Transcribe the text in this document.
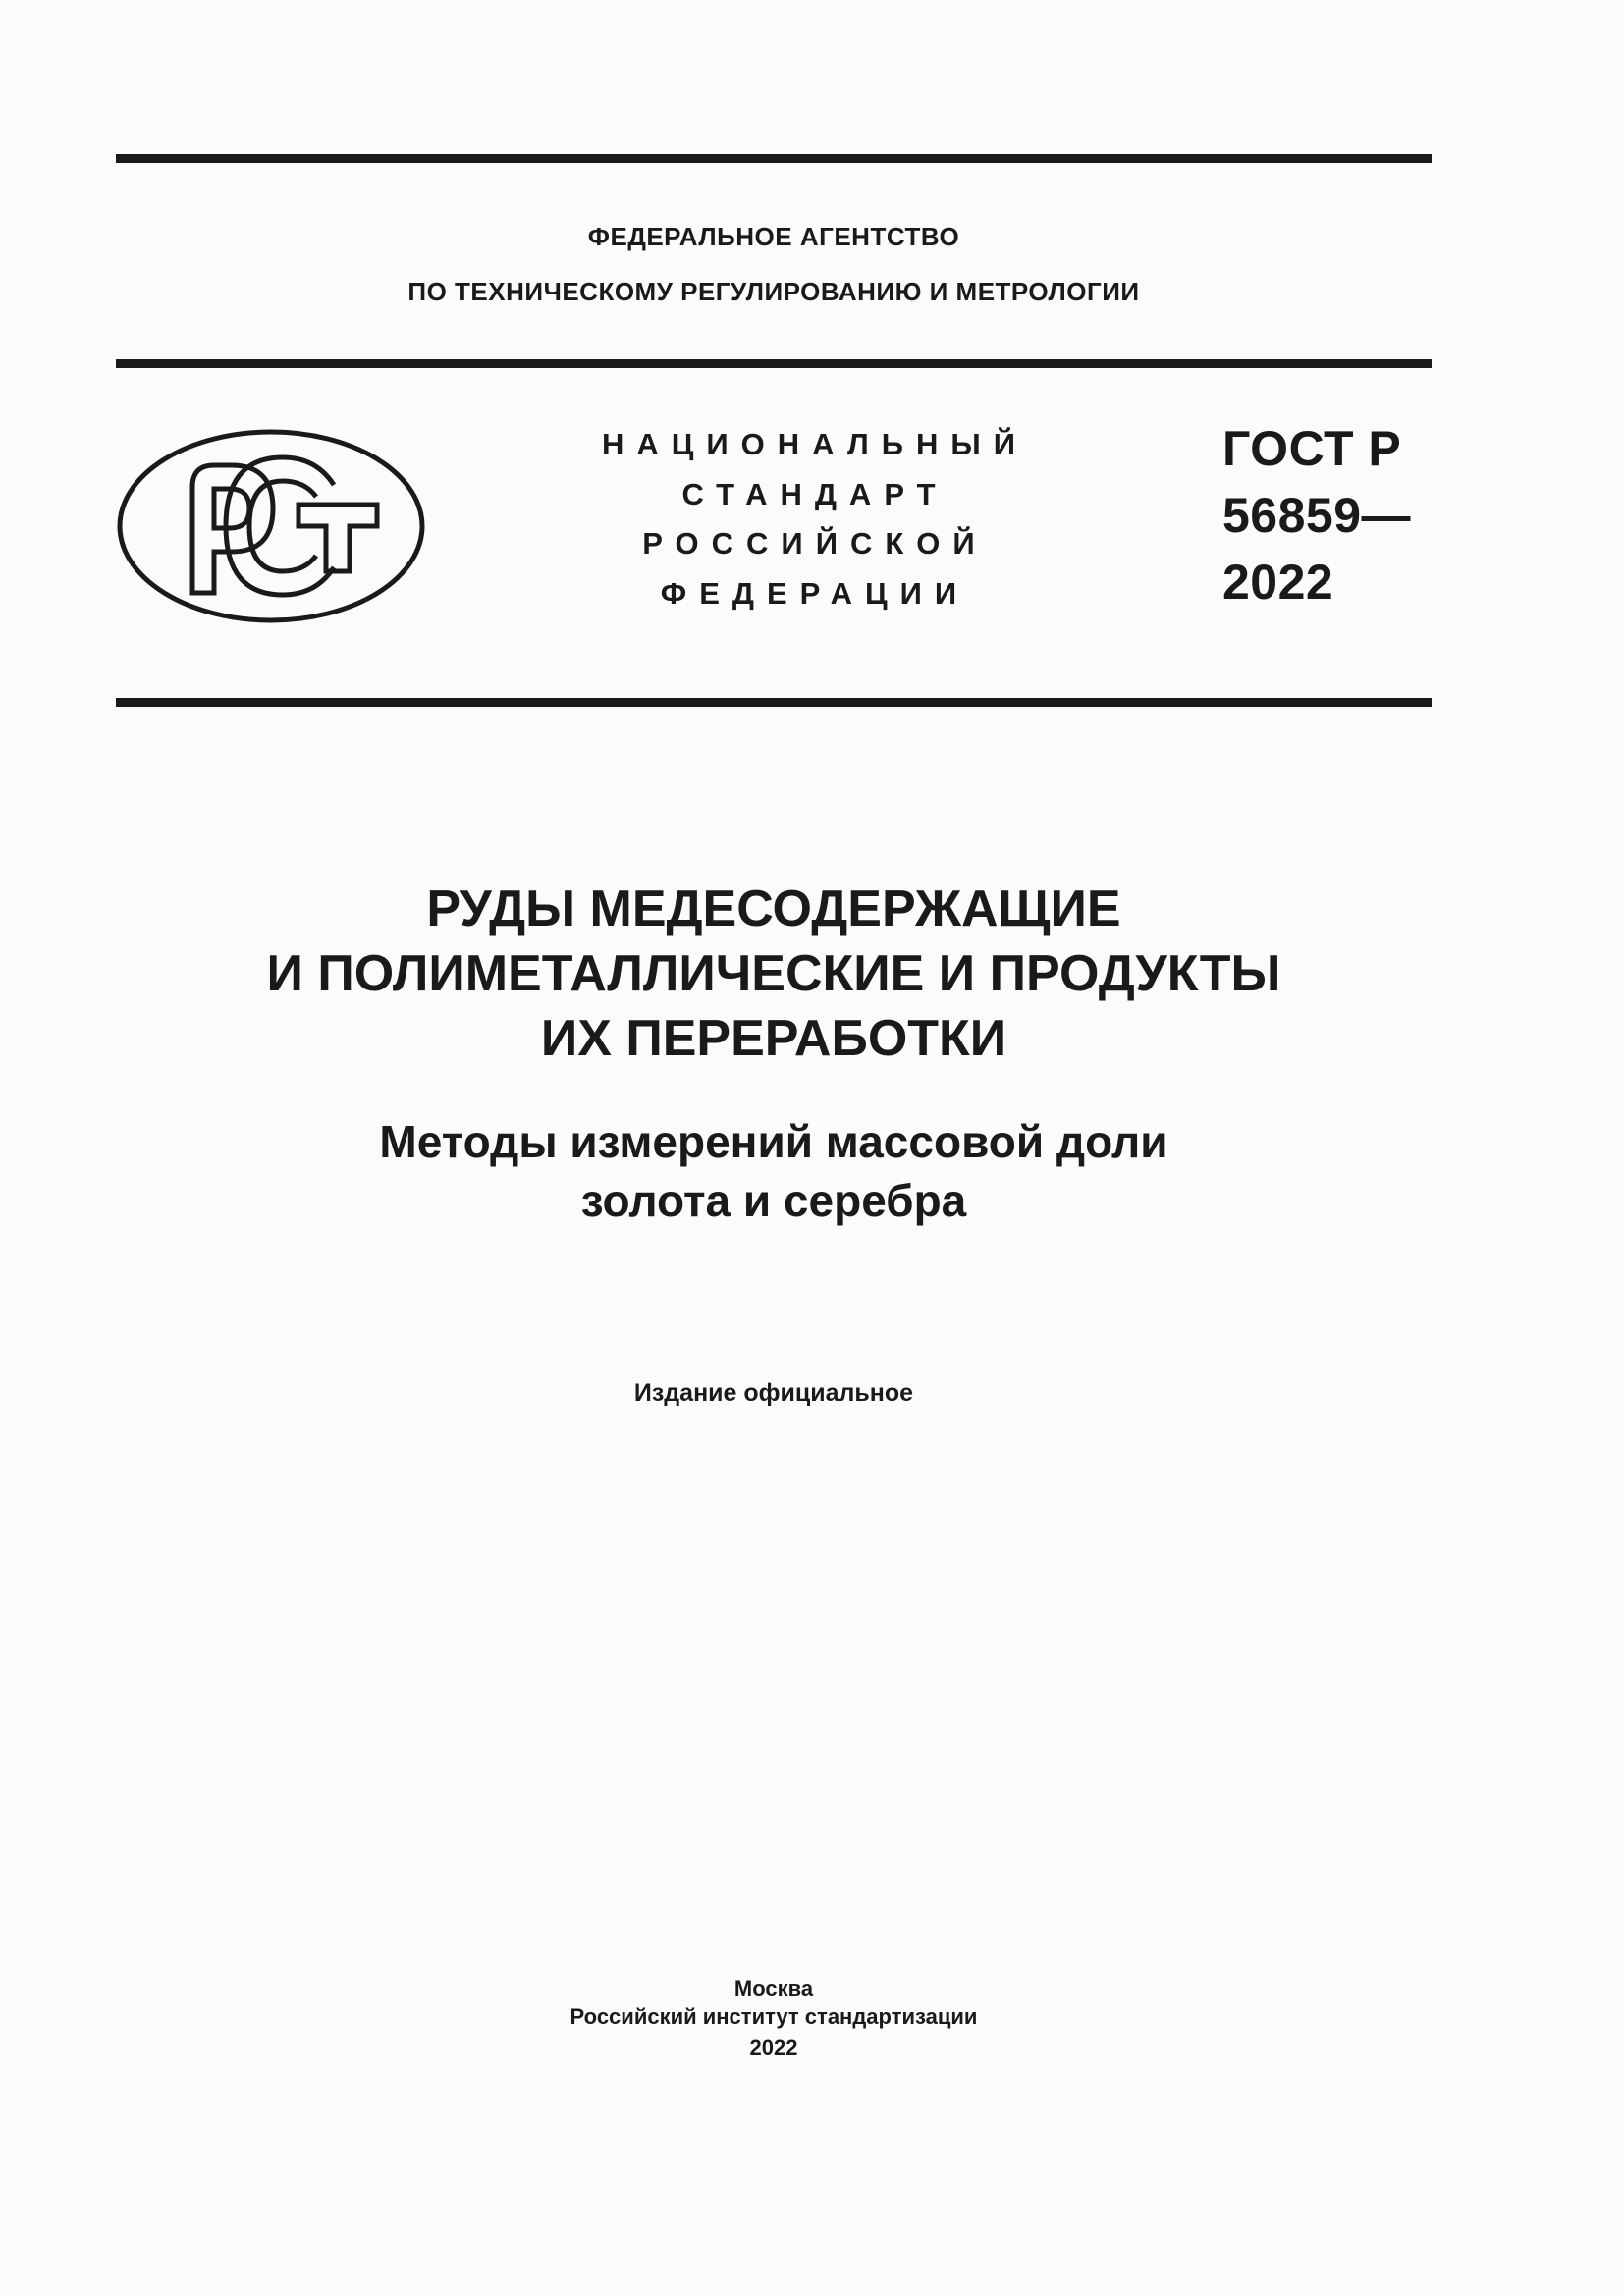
ФЕДЕРАЛЬНОЕ АГЕНТСТВО
ПО ТЕХНИЧЕСКОМУ РЕГУЛИРОВАНИЮ И МЕТРОЛОГИИ
НАЦИОНАЛЬНЫЙ
СТАНДАРТ
РОССИЙСКОЙ
ФЕДЕРАЦИИ
ГОСТ Р
56859—
2022
РУДЫ МЕДЕСОДЕРЖАЩИЕ
И ПОЛИМЕТАЛЛИЧЕСКИЕ И ПРОДУКТЫ
ИХ ПЕРЕРАБОТКИ
Методы измерений массовой доли
золота и серебра
Издание официальное
Москва
Российский институт стандартизации
2022
